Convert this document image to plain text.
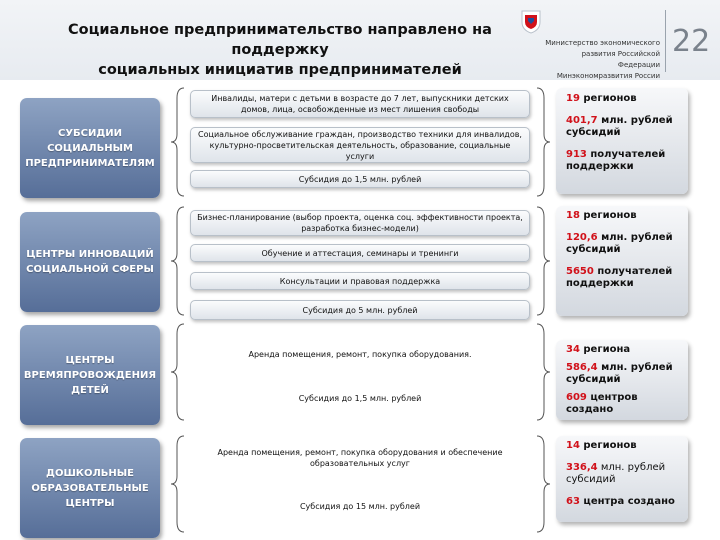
Социальное предпринимательство направлено на поддержку
социальных инициатив предпринимателей
Министерство экономического
развития Российской Федерации
Минэкономразвития России
22
СУБСИДИИ СОЦИАЛЬНЫМ ПРЕДПРИНИМАТЕЛЯМ
Инвалиды, матери с детьми в возрасте до 7 лет, выпускники детских домов, лица, освобожденные из мест лишения свободы
Социальное обслуживание граждан, производство техники для инвалидов, культурно-просветительская деятельность, образование, социальные услуги
Субсидия до 1,5 млн. рублей
19 регионов
401,7 млн. рублей субсидий
913 получателей поддержки
ЦЕНТРЫ ИННОВАЦИЙ СОЦИАЛЬНОЙ СФЕРЫ
Бизнес-планирование (выбор проекта, оценка соц. эффективности проекта, разработка бизнес-модели)
Обучение и аттестация, семинары и тренинги
Консультации и правовая поддержка
Субсидия до 5 млн. рублей
18 регионов
120,6 млн. рублей субсидий
5650 получателей поддержки
ЦЕНТРЫ ВРЕМЯПРОВОЖДЕНИЯ ДЕТЕЙ
Аренда помещения, ремонт, покупка оборудования.
Субсидия до 1,5 млн. рублей
34 региона
586,4 млн. рублей субсидий
609 центров создано
ДОШКОЛЬНЫЕ ОБРАЗОВАТЕЛЬНЫЕ ЦЕНТРЫ
Аренда помещения, ремонт, покупка оборудования и обеспечение образовательных услуг
Субсидия до 15 млн. рублей
14 регионов
336,4 млн. рублей субсидий
63 центра создано
